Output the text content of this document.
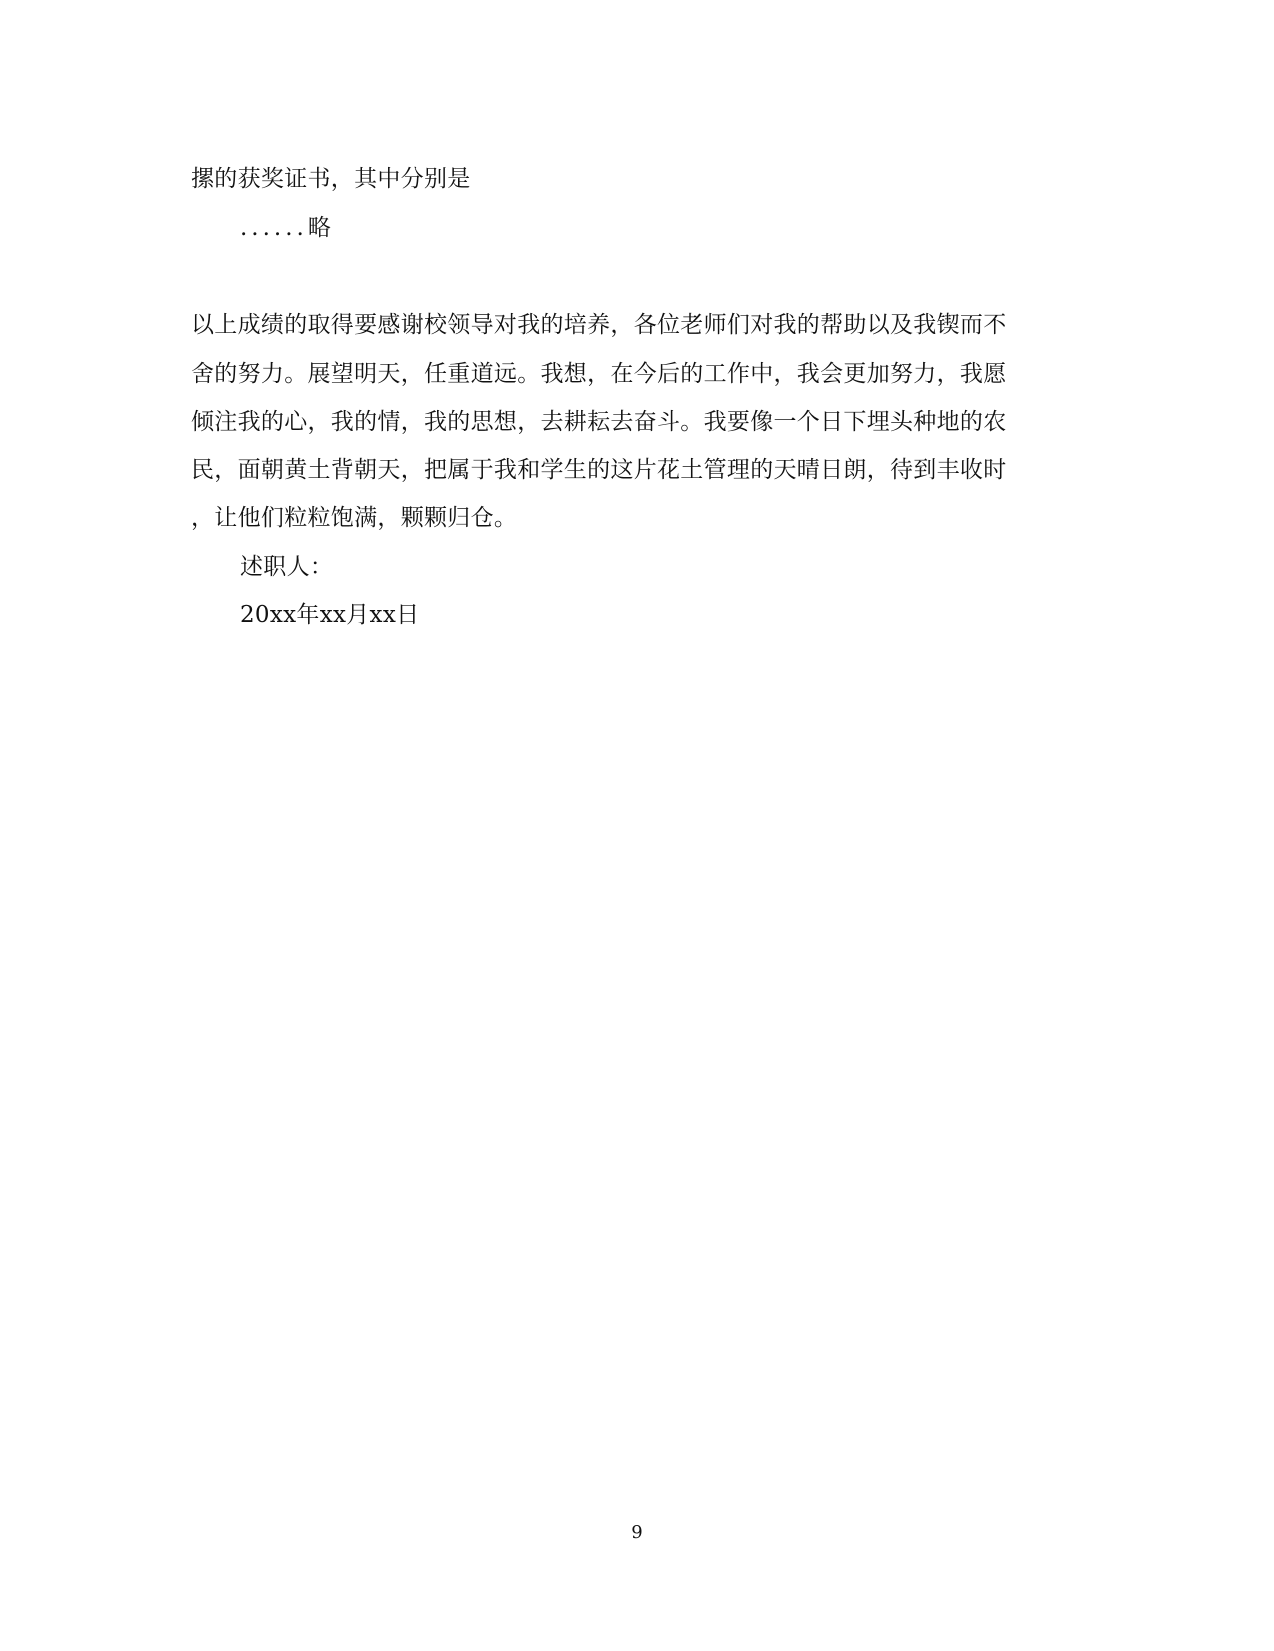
摞的获奖证书，其中分别是
......略
以上成绩的取得要感谢校领导对我的培养，各位老师们对我的帮助以及我锲而不
舍的努力。展望明天，任重道远。我想，在今后的工作中，我会更加努力，我愿
倾注我的心，我的情，我的思想，去耕耘去奋斗。我要像一个日下埋头种地的农
民，面朝黄土背朝天，把属于我和学生的这片花土管理的天晴日朗，待到丰收时
，让他们粒粒饱满，颗颗归仓。
述职人：
20xx年xx月xx日
9
